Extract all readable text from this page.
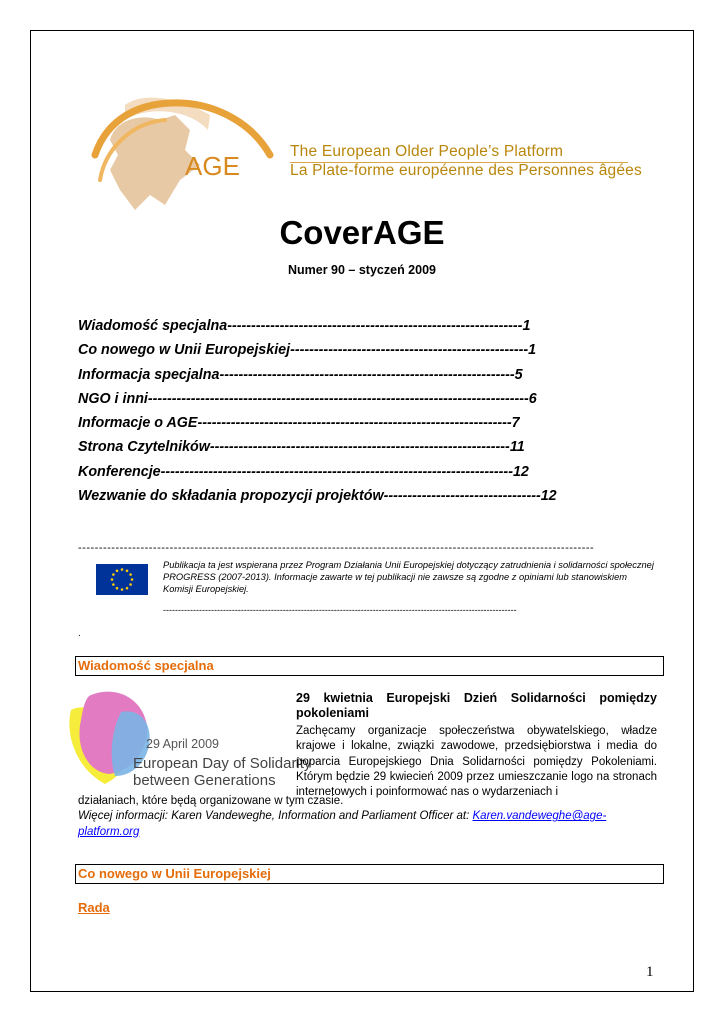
AGE	The European Older People’s Platform
La Plate-forme européenne des Personnes âgées
CoverAGE
Numer 90 – styczeń 2009
Wiadomość specjalna--------------------------------------------------------------1
Co nowego w Unii Europejskiej--------------------------------------------------1
Informacja specjalna--------------------------------------------------------------5
NGO i inni--------------------------------------------------------------------------------6
Informacje o AGE------------------------------------------------------------------7
Strona Czytelników---------------------------------------------------------------11
Konferencje--------------------------------------------------------------------------12
Wezwanie do składania propozycji projektów---------------------------------12
----------------------------------------------------------------------------------------------------------------------------
Publikacja ta jest wspierana przez Program Działania Unii Europejskiej dotyczący zatrudnienia i solidarności społecznej PROGRESS (2007-2013). Informacje zawarte w tej publikacji nie zawsze są zgodne z opiniami lub stanowiskiem Komisji Europejskiej.
----------------------------------------------------------------------------------------------------------------------
.
Wiadomość specjalna
29 April 2009
European Day of Solidarity
between Generations
29 kwietnia Europejski Dzień Solidarności pomiędzy pokoleniami
Zachęcamy organizacje społeczeństwa obywatelskiego, władze krajowe i lokalne, związki zawodowe, przedsiębiorstwa i media do poparcia Europejskiego Dnia Solidarności pomiędzy Pokoleniami. Którym będzie 29 kwiecień 2009 przez umieszczanie logo na stronach internetowych i poinformować nas o wydarzeniach i
działaniach, które będą organizowane w tym czasie.
Więcej informacji: Karen Vandeweghe, Information and Parliament Officer at: Karen.vandeweghe@age-platform.org
Co nowego w Unii Europejskiej
Rada
1
